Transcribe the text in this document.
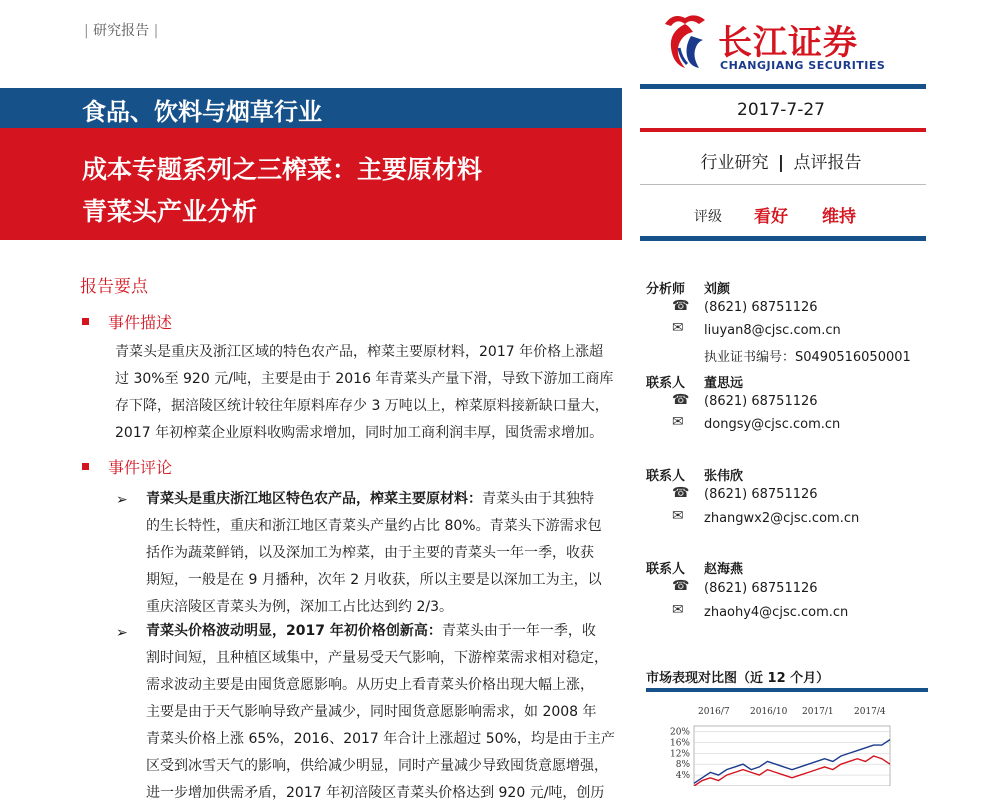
| 研究报告 |	长江证券
CHANGJIANG SECURITIES
食品、饮料与烟草行业
成本专题系列之三榨菜：主要原材料
青菜头产业分析
2017-7-27
行业研究 | 点评报告
评级 看好 维持
报告要点
事件描述
青菜头是重庆及浙江区域的特色农产品，榨菜主要原材料，2017 年价格上涨超
过 30%至 920 元/吨，主要是由于 2016 年青菜头产量下滑，导致下游加工商库
存下降，据涪陵区统计较往年原料库存少 3 万吨以上，榨菜原料接新缺口量大，
2017 年初榨菜企业原料收购需求增加，同时加工商利润丰厚，囤货需求增加。
事件评论
➢ 青菜头是重庆浙江地区特色农产品，榨菜主要原材料：青菜头由于其独特
的生长特性，重庆和浙江地区青菜头产量约占比 80%。青菜头下游需求包
括作为蔬菜鲜销，以及深加工为榨菜，由于主要的青菜头一年一季，收获
期短，一般是在 9 月播种，次年 2 月收获，所以主要是以深加工为主，以
重庆涪陵区青菜头为例，深加工占比达到约 2/3。
➢ 青菜头价格波动明显，2017 年初价格创新高：青菜头由于一年一季，收
割时间短，且种植区域集中，产量易受天气影响，下游榨菜需求相对稳定，
需求波动主要是由囤货意愿影响。从历史上看青菜头价格出现大幅上涨，
主要是由于天气影响导致产量减少，同时囤货意愿影响需求，如 2008 年
青菜头价格上涨 65%，2016、2017 年合计上涨超过 50%，均是由于主产
区受到冰雪天气的影响，供给减少明显，同时产量减少导致囤货意愿增强，
进一步增加供需矛盾，2017 年初涪陵区青菜头价格达到 920 元/吨，创历
分析师 刘颜
☎ (8621) 68751126
✉ liuyan8@cjsc.com.cn
执业证书编号：S0490516050001
联系人 董思远
☎ (8621) 68751126
✉ dongsy@cjsc.com.cn
联系人 张伟欣
☎ (8621) 68751126
✉ zhangwx2@cjsc.com.cn
联系人 赵海燕
☎ (8621) 68751126
✉ zhaohy4@cjsc.com.cn
市场表现对比图（近 12 个月）
2016/7 2016/10 2017/1 2017/4
20%
16%
12%
8%
4%
